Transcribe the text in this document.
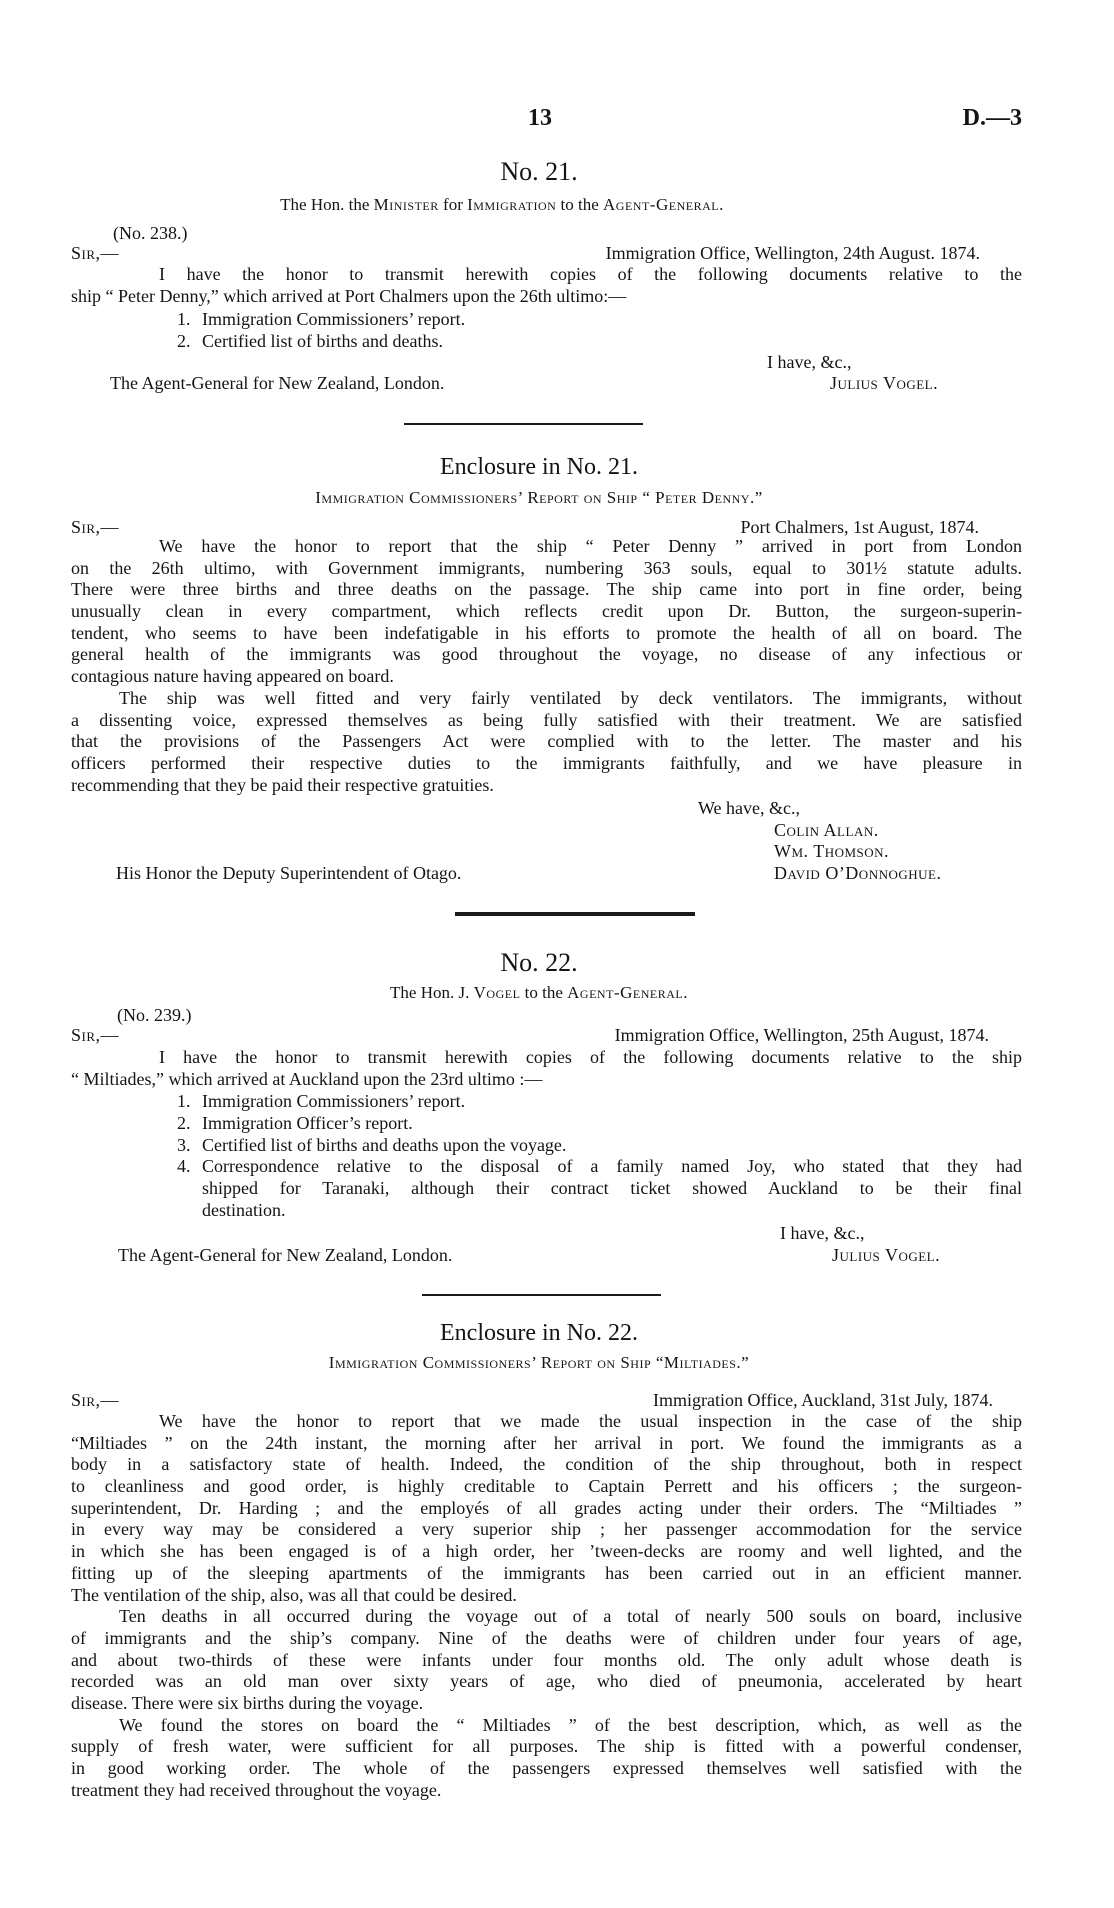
13	D.—3
No. 21.
The Hon. the Minister for Immigration to the Agent-General.
(No. 238.)
Sir,—	Immigration Office, Wellington, 24th August. 1874.
I have the honor to transmit herewith copies of the following documents relative to the
ship “ Peter Denny,” which arrived at Port Chalmers upon the 26th ultimo:—
1. Immigration Commissioners’ report.
2. Certified list of births and deaths.
I have, &c.,
The Agent-General for New Zealand, London.	Julius Vogel.
Enclosure in No. 21.
Immigration Commissioners’ Report on Ship “ Peter Denny.”
Sir,—	Port Chalmers, 1st August, 1874.
We have the honor to report that the ship “ Peter Denny ” arrived in port from London
on the 26th ultimo, with Government immigrants, numbering 363 souls, equal to 301½ statute adults.
There were three births and three deaths on the passage. The ship came into port in fine order, being
unusually clean in every compartment, which reflects credit upon Dr. Button, the surgeon-superin-
tendent, who seems to have been indefatigable in his efforts to promote the health of all on board. The
general health of the immigrants was good throughout the voyage, no disease of any infectious or
contagious nature having appeared on board.
The ship was well fitted and very fairly ventilated by deck ventilators. The immigrants, without
a dissenting voice, expressed themselves as being fully satisfied with their treatment. We are satisfied
that the provisions of the Passengers Act were complied with to the letter. The master and his
officers performed their respective duties to the immigrants faithfully, and we have pleasure in
recommending that they be paid their respective gratuities.
We have, &c.,
Colin Allan.
Wm. Thomson.
David O’Donnoghue.
His Honor the Deputy Superintendent of Otago.
No. 22.
The Hon. J. Vogel to the Agent-General.
(No. 239.)
Sir,—	Immigration Office, Wellington, 25th August, 1874.
I have the honor to transmit herewith copies of the following documents relative to the ship
“ Miltiades,” which arrived at Auckland upon the 23rd ultimo :—
1. Immigration Commissioners’ report.
2. Immigration Officer’s report.
3. Certified list of births and deaths upon the voyage.
4. Correspondence relative to the disposal of a family named Joy, who stated that they had
shipped for Taranaki, although their contract ticket showed Auckland to be their final
destination.
I have, &c.,
The Agent-General for New Zealand, London.	Julius Vogel.
Enclosure in No. 22.
Immigration Commissioners’ Report on Ship “Miltiades.”
Sir,—	Immigration Office, Auckland, 31st July, 1874.
We have the honor to report that we made the usual inspection in the case of the ship
“Miltiades ” on the 24th instant, the morning after her arrival in port. We found the immigrants as a
body in a satisfactory state of health. Indeed, the condition of the ship throughout, both in respect
to cleanliness and good order, is highly creditable to Captain Perrett and his officers ; the surgeon-
superintendent, Dr. Harding ; and the employés of all grades acting under their orders. The “Miltiades ”
in every way may be considered a very superior ship ; her passenger accommodation for the service
in which she has been engaged is of a high order, her ’tween-decks are roomy and well lighted, and the
fitting up of the sleeping apartments of the immigrants has been carried out in an efficient manner.
The ventilation of the ship, also, was all that could be desired.
Ten deaths in all occurred during the voyage out of a total of nearly 500 souls on board, inclusive
of immigrants and the ship’s company. Nine of the deaths were of children under four years of age,
and about two-thirds of these were infants under four months old. The only adult whose death is
recorded was an old man over sixty years of age, who died of pneumonia, accelerated by heart
disease. There were six births during the voyage.
We found the stores on board the “ Miltiades ” of the best description, which, as well as the
supply of fresh water, were sufficient for all purposes. The ship is fitted with a powerful condenser,
in good working order. The whole of the passengers expressed themselves well satisfied with the
treatment they had received throughout the voyage.
